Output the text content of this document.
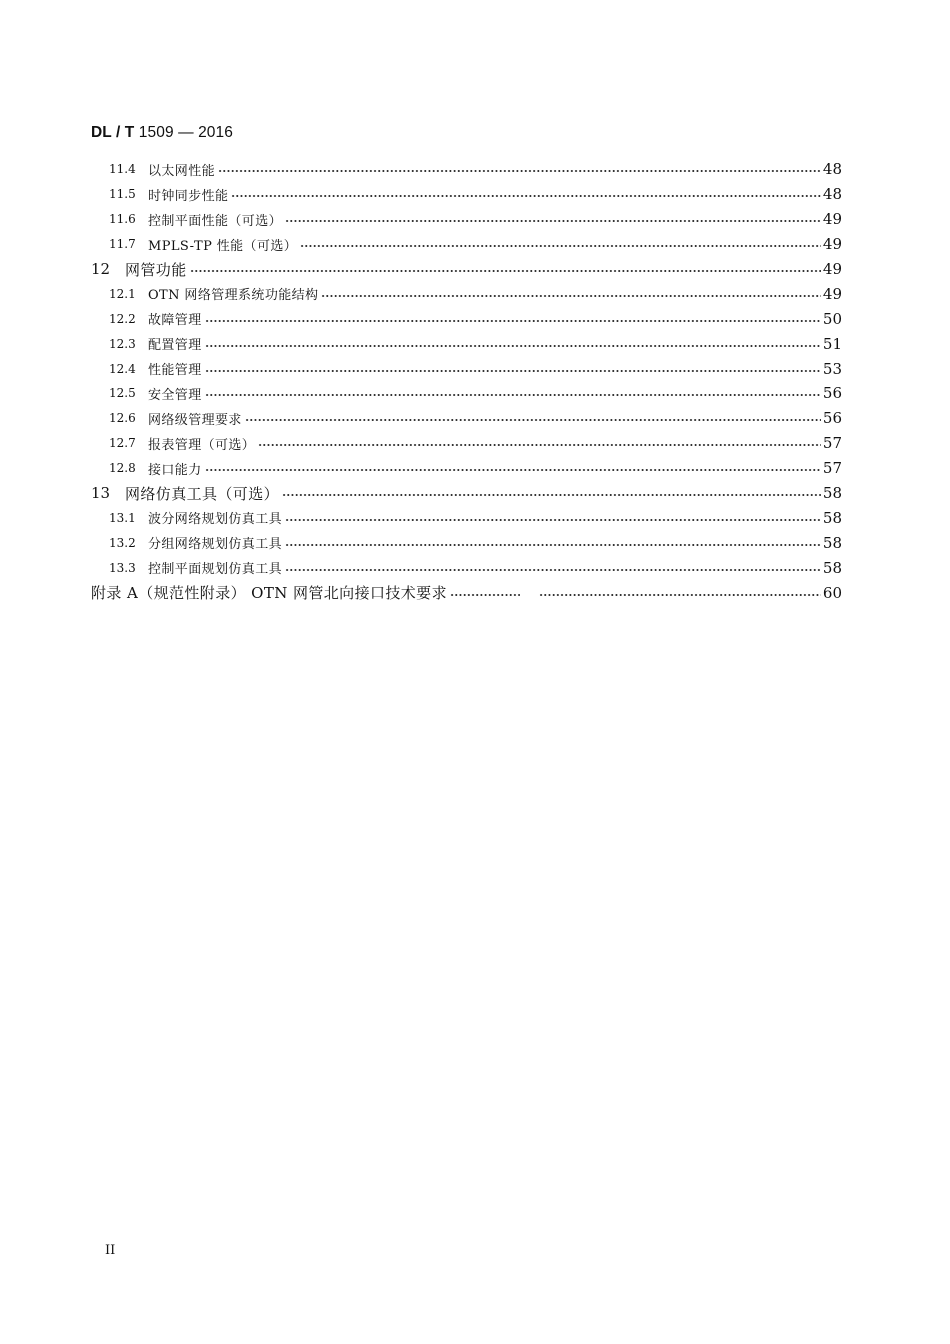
DL / T 1509 — 2016
11.4 以太网性能	48
11.5 时钟同步性能	48
11.6 控制平面性能（可选）	49
11.7 MPLS-TP 性能（可选）	49
12 网管功能	49
12.1 OTN 网络管理系统功能结构	49
12.2 故障管理	50
12.3 配置管理	51
12.4 性能管理	53
12.5 安全管理	56
12.6 网络级管理要求	56
12.7 报表管理（可选）	57
12.8 接口能力	57
13 网络仿真工具（可选）	58
13.1 波分网络规划仿真工具	58
13.2 分组网络规划仿真工具	58
13.3 控制平面规划仿真工具	58
附录 A（规范性附录） OTN 网管北向接口技术要求	60
II
